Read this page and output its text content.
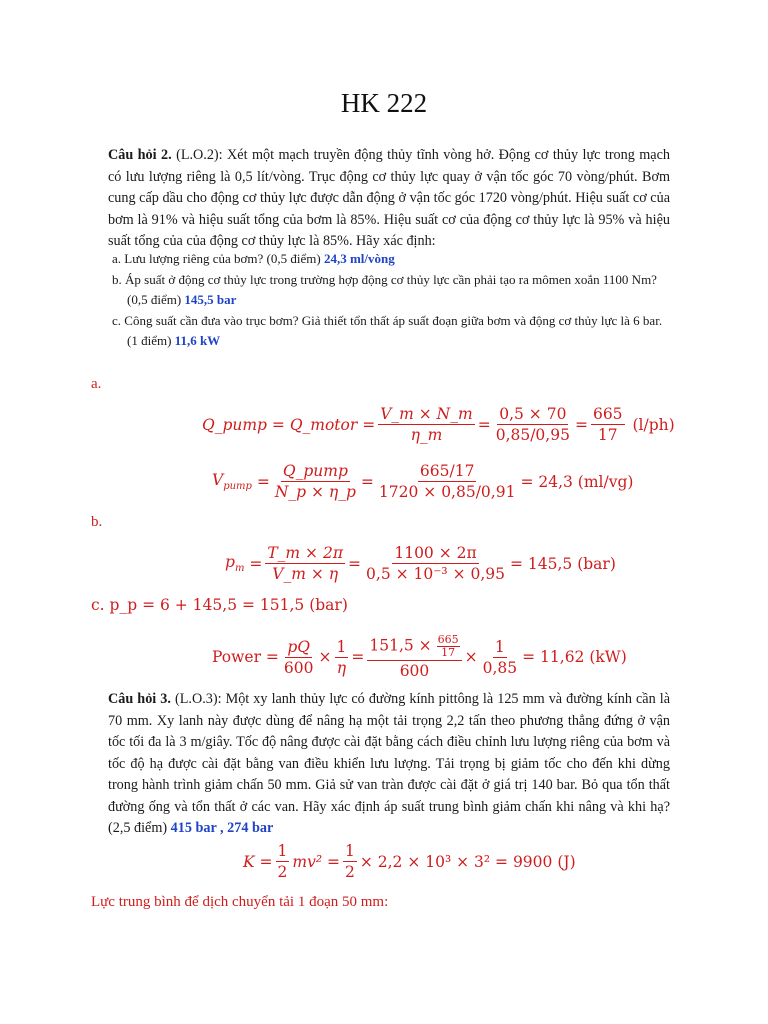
HK 222
Câu hỏi 2. (L.O.2): Xét một mạch truyền động thủy tĩnh vòng hở. Động cơ thủy lực trong mạch có lưu lượng riêng là 0,5 lít/vòng. Trục động cơ thủy lực quay ở vận tốc góc 70 vòng/phút. Bơm cung cấp dầu cho động cơ thủy lực được dẫn động ở vận tốc góc 1720 vòng/phút. Hiệu suất cơ của bơm là 91% và hiệu suất tổng của bơm là 85%. Hiệu suất cơ của động cơ thủy lực là 95% và hiệu suất tổng của của động cơ thủy lực là 85%. Hãy xác định:
a. Lưu lượng riêng của bơm? (0,5 điểm) 24,3 ml/vòng
b. Áp suất ở động cơ thủy lực trong trường hợp động cơ thủy lực cần phải tạo ra mômen xoắn 1100 Nm? (0,5 điểm) 145,5 bar
c. Công suất cần đưa vào trục bơm? Giả thiết tổn thất áp suất đoạn giữa bơm và động cơ thủy lực là 6 bar. (1 điểm) 11,6 kW
a.
Q_pump = Q_motor = $\frac{V\_m \times N\_m}{\eta\_m} = \frac{0,5 \times 70}{0,85/0,95} = \frac{665}{17}$
(l/ph)
$V_{pump} = \frac{\text{Q\_pump}}{N\_p \times \eta\_p} = \frac{665/17}{1720 \times 0,85/0,91} = 24,3$ (ml/vg)
b.
$p_m = \frac{T\_m \times 2\pi}{V\_m \times \eta} = \frac{1100 \times 2\pi}{\text{0,5 × 10⁻³ × 0,95}} = 145,5$ (bar)
c.
p_p = 6 + 145,5 = 151,5 (bar)
Power = $\frac{pQ}{600} \times \frac{1}{\eta} = \frac{151,5 \times \frac{665}{17}}{600} \times \frac{1}{0,85} = 11,62$ (kW)
Câu hỏi 3. (L.O.3): Một xy lanh thủy lực có đường kính pittông là 125 mm và đường kính cần là 70 mm. Xy lanh này được dùng để nâng hạ một tải trọng 2,2 tấn theo phương thẳng đứng ở vận tốc tối đa là 3 m/giây. Tốc độ nâng được cài đặt bằng cách điều chỉnh lưu lượng riêng của bơm và tốc độ hạ được cài đặt bằng van điều khiển lưu lượng. Tải trọng bị giảm tốc cho đến khi dừng trong hành trình giảm chấn 50 mm. Giả sử van tràn được cài đặt ở giá trị 140 bar. Bỏ qua tổn thất đường ống và tổn thất ở các van. Hãy xác định áp suất trung bình giảm chấn khi nâng và khi hạ? (2,5 điểm) 415 bar , 274 bar
$K = \frac{1}{2} mv^2 = \frac{1}{2} \times 2,2 \times 10^3 \times 3^2 = 9900$ (J)
Lực trung bình để dịch chuyển tải 1 đoạn 50 mm:
